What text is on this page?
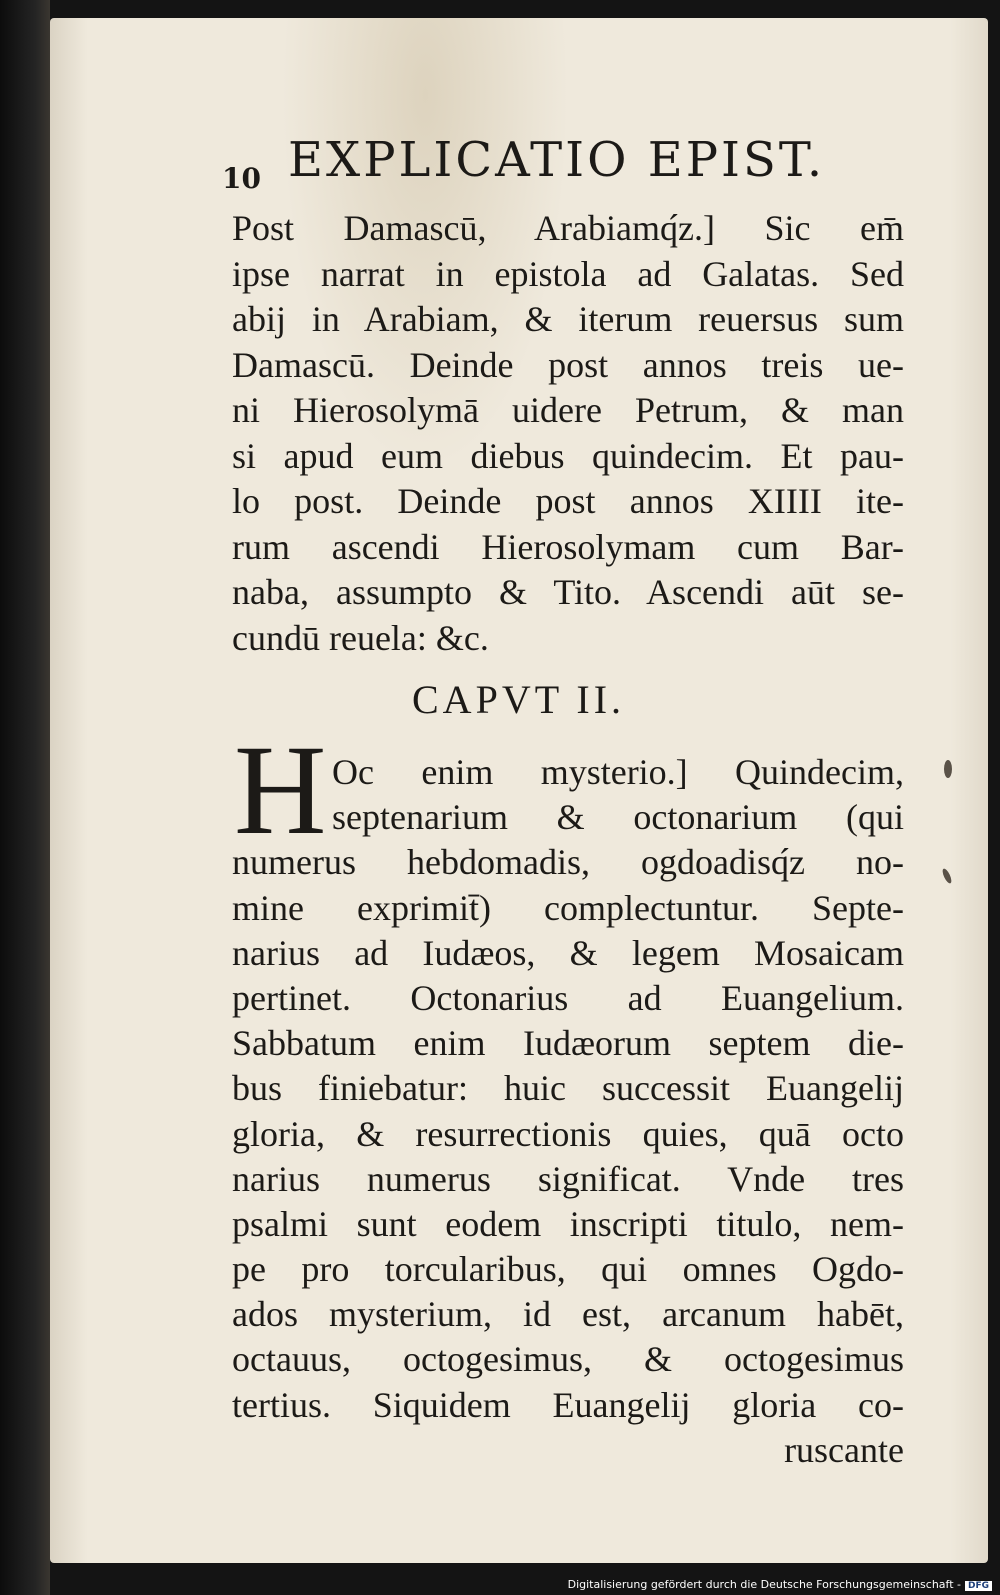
10 EXPLICATIO EPIST.
Post Damascū, Arabiamq́z.] Sic em̄
ipse narrat in epistola ad Galatas. Sed
abij in Arabiam, & iterum reuersus sum
Damascū. Deinde post annos treis ue-
ni Hierosolymā uidere Petrum, & man
si apud eum diebus quindecim. Et pau-
lo post. Deinde post annos XIIII ite-
rum ascendi Hierosolymam cum Bar-
naba, assumpto & Tito. Ascendi aūt se-
cundū reuela: &c.
CAPVT II.
H Oc enim mysterio.] Quindecim,
septenarium & octonarium (qui
numerus hebdomadis, ogdoadisq́z no-
mine exprimit̄) complectuntur. Septe-
narius ad Iudæos, & legem Mosaicam
pertinet. Octonarius ad Euangelium.
Sabbatum enim Iudæorum septem die-
bus finiebatur: huic successit Euangelij
gloria, & resurrectionis quies, quā octo
narius numerus significat. Vnde tres
psalmi sunt eodem inscripti titulo, nem-
pe pro torcularibus, qui omnes Ogdo-
ados mysterium, id est, arcanum habēt,
octauus, octogesimus, & octogesimus
tertius. Siquidem Euangelij gloria co-
ruscante
Digitalisierung gefördert durch die Deutsche Forschungsgemeinschaft - DFG
